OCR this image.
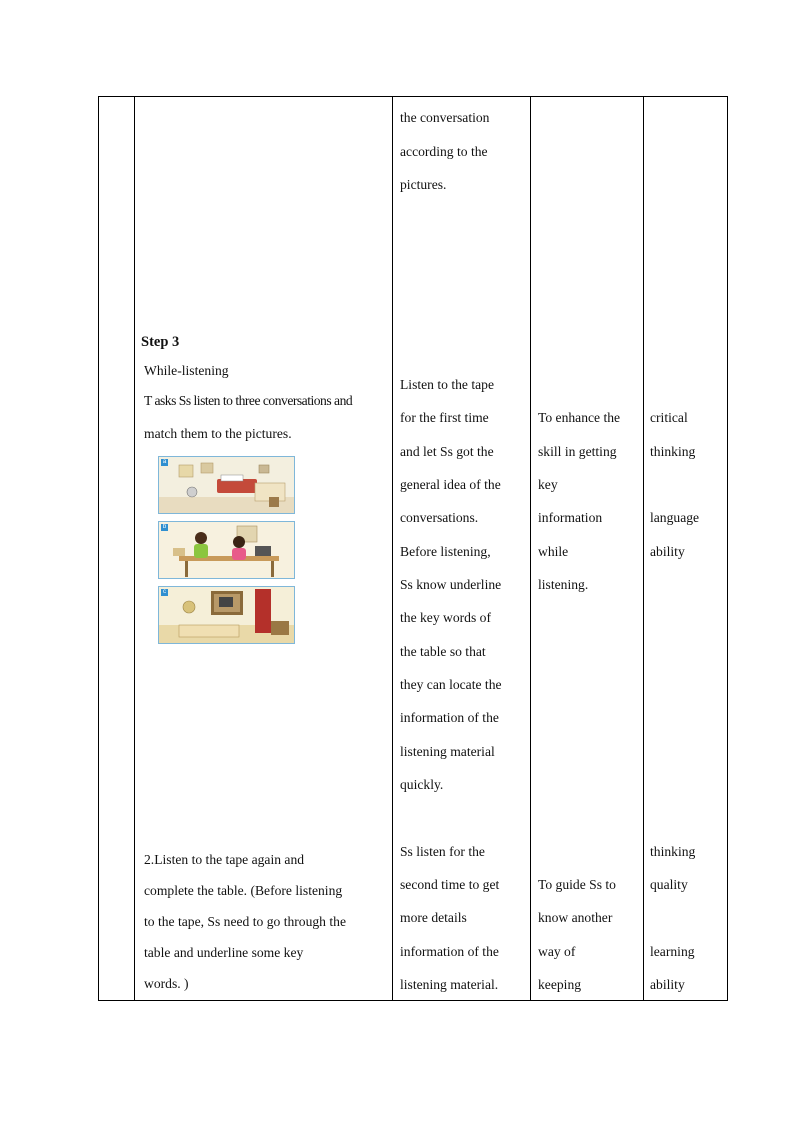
Step 3
While-listening
T asks Ss listen to three conversations and
match them to the pictures.
a
b
c
2.Listen to the tape again and
complete the table. (Before listening
to the tape, Ss need to go through the
table and underline some key
words. )
the conversation
according to the
pictures.
Listen to the tape
for the first time
and let Ss got the
general idea of the
conversations.
Before listening,
Ss know underline
the key words of
the table so that
they can locate the
information of the
listening material
quickly.
Ss listen for the
second time to get
more details
information of the
listening material.
To enhance the
skill in getting
key
information
while
listening.
To guide Ss to
know another
way of
keeping
critical
thinking
language
ability
thinking
quality
learning
ability
